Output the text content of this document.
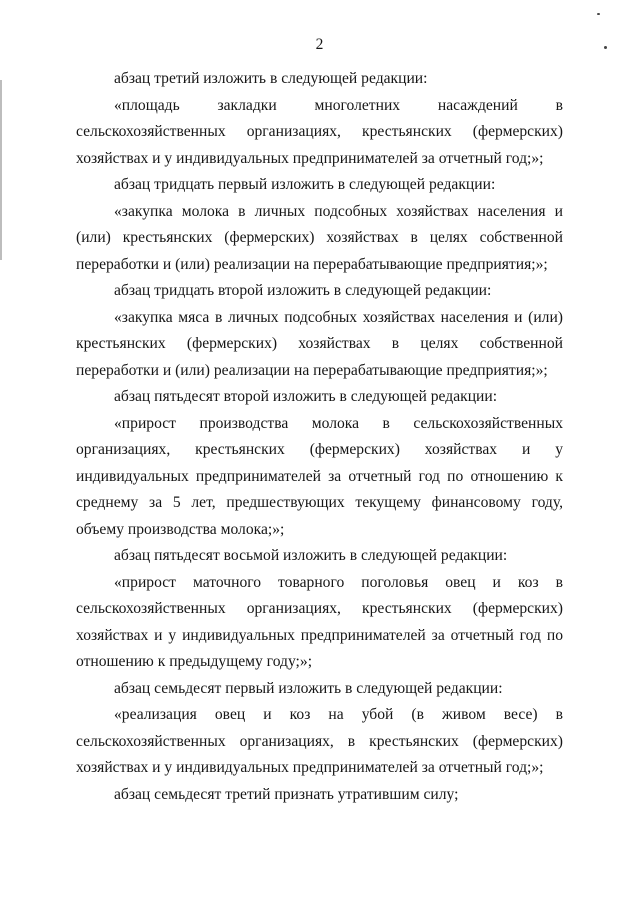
2

абзац третий изложить в следующей редакции:

«площадь закладки многолетних насаждений в сельскохозяйственных организациях, крестьянских (фермерских) хозяйствах и у индивидуальных предпринимателей за отчетный год;»;

абзац тридцать первый изложить в следующей редакции:

«закупка молока в личных подсобных хозяйствах населения и (или) крестьянских (фермерских) хозяйствах в целях собственной переработки и (или) реализации на перерабатывающие предприятия;»;

абзац тридцать второй изложить в следующей редакции:

«закупка мяса в личных подсобных хозяйствах населения и (или) крестьянских (фермерских) хозяйствах в целях собственной переработки и (или) реализации на перерабатывающие предприятия;»;

абзац пятьдесят второй изложить в следующей редакции:

«прирост производства молока в сельскохозяйственных организациях, крестьянских (фермерских) хозяйствах и у индивидуальных предпринимателей за отчетный год по отношению к среднему за 5 лет, предшествующих текущему финансовому году, объему производства молока;»;

абзац пятьдесят восьмой изложить в следующей редакции:

«прирост маточного товарного поголовья овец и коз в сельскохозяйственных организациях, крестьянских (фермерских) хозяйствах и у индивидуальных предпринимателей за отчетный год по отношению к предыдущему году;»;

абзац семьдесят первый изложить в следующей редакции:

«реализация овец и коз на убой (в живом весе) в сельскохозяйственных организациях, в крестьянских (фермерских) хозяйствах и у индивидуальных предпринимателей за отчетный год;»;

абзац семьдесят третий признать утратившим силу;
